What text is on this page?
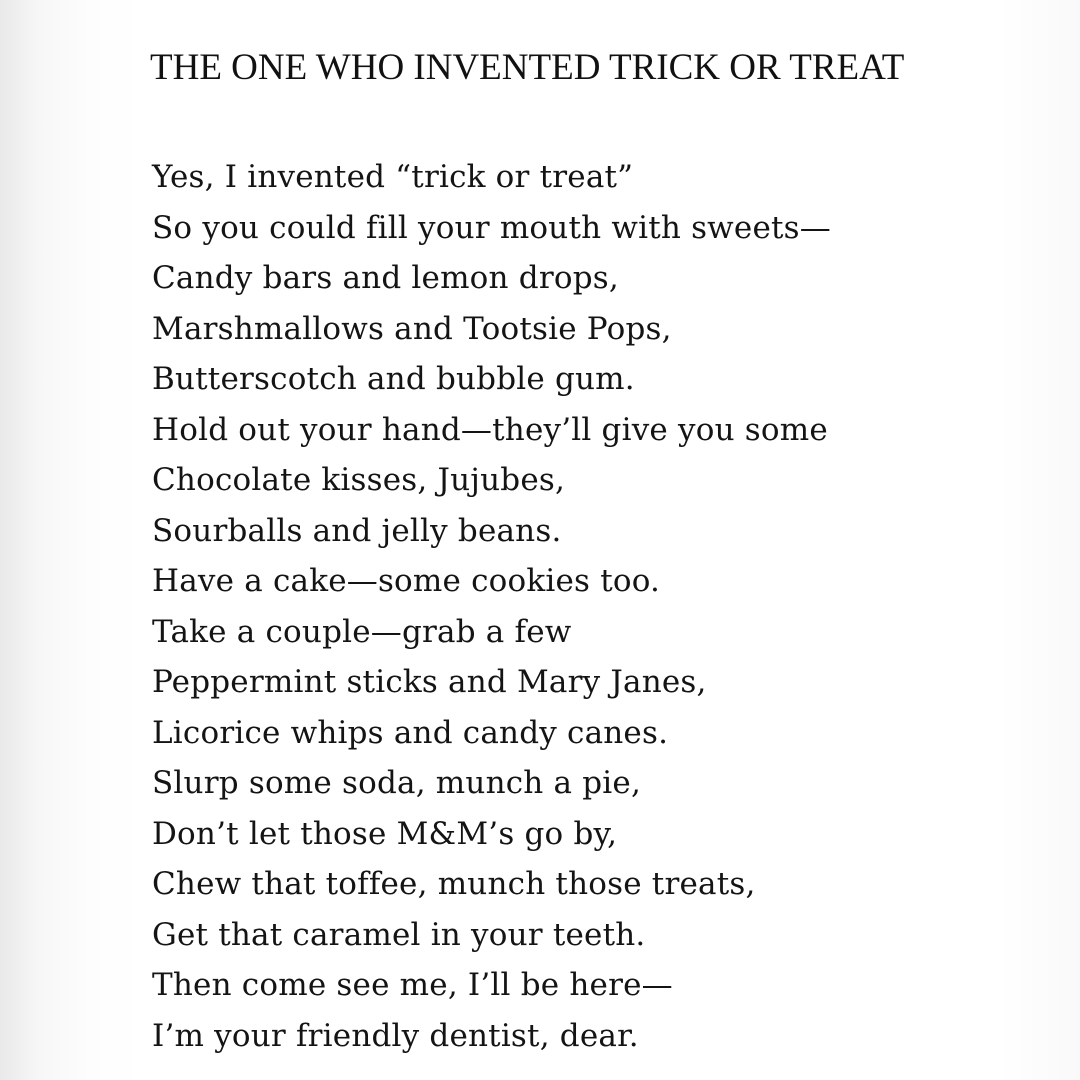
THE ONE WHO INVENTED TRICK OR TREAT
Yes, I invented “trick or treat”
So you could fill your mouth with sweets—
Candy bars and lemon drops,
Marshmallows and Tootsie Pops,
Butterscotch and bubble gum.
Hold out your hand—they’ll give you some
Chocolate kisses, Jujubes,
Sourballs and jelly beans.
Have a cake—some cookies too.
Take a couple—grab a few
Peppermint sticks and Mary Janes,
Licorice whips and candy canes.
Slurp some soda, munch a pie,
Don’t let those M&M’s go by,
Chew that toffee, munch those treats,
Get that caramel in your teeth.
Then come see me, I’ll be here—
I’m your friendly dentist, dear.
